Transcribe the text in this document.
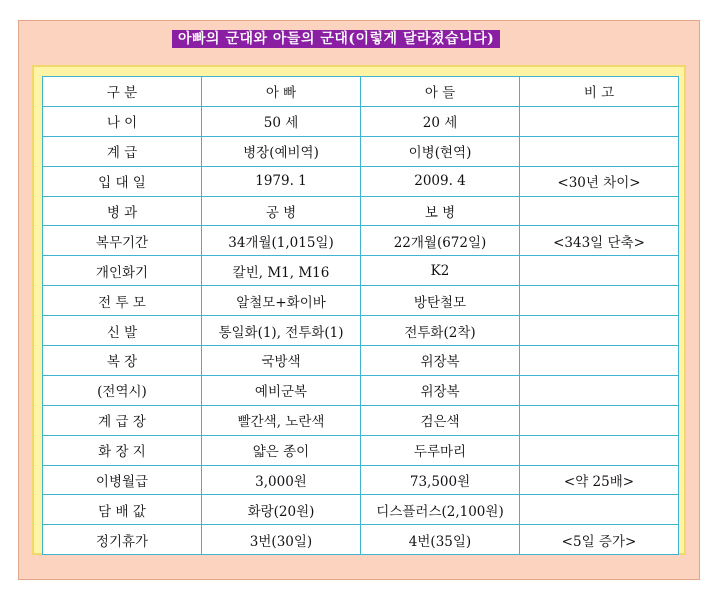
아빠의 군대와 아들의 군대(이렇게 달라졌습니다)
구 분	아 빠	아 들	비 고
나 이	50 세	20 세	
계 급	병장(예비역)	이병(현역)	
입 대 일	1979. 1	2009. 4	<30년 차이>
병 과	공 병	보 병	
복무기간	34개월(1,015일)	22개월(672일)	<343일 단축>
개인화기	칼빈, M1, M16	K2	
전 투 모	알철모+화이바	방탄철모	
신 발	통일화(1), 전투화(1)	전투화(2착)	
복 장	국방색	위장복	
(전역시)	예비군복	위장복	
계 급 장	빨간색, 노란색	검은색	
화 장 지	얇은 종이	두루마리	
이병월급	3,000원	73,500원	<약 25배>
담 배 값	화랑(20원)	디스플러스(2,100원)	
정기휴가	3번(30일)	4번(35일)	<5일 증가>
